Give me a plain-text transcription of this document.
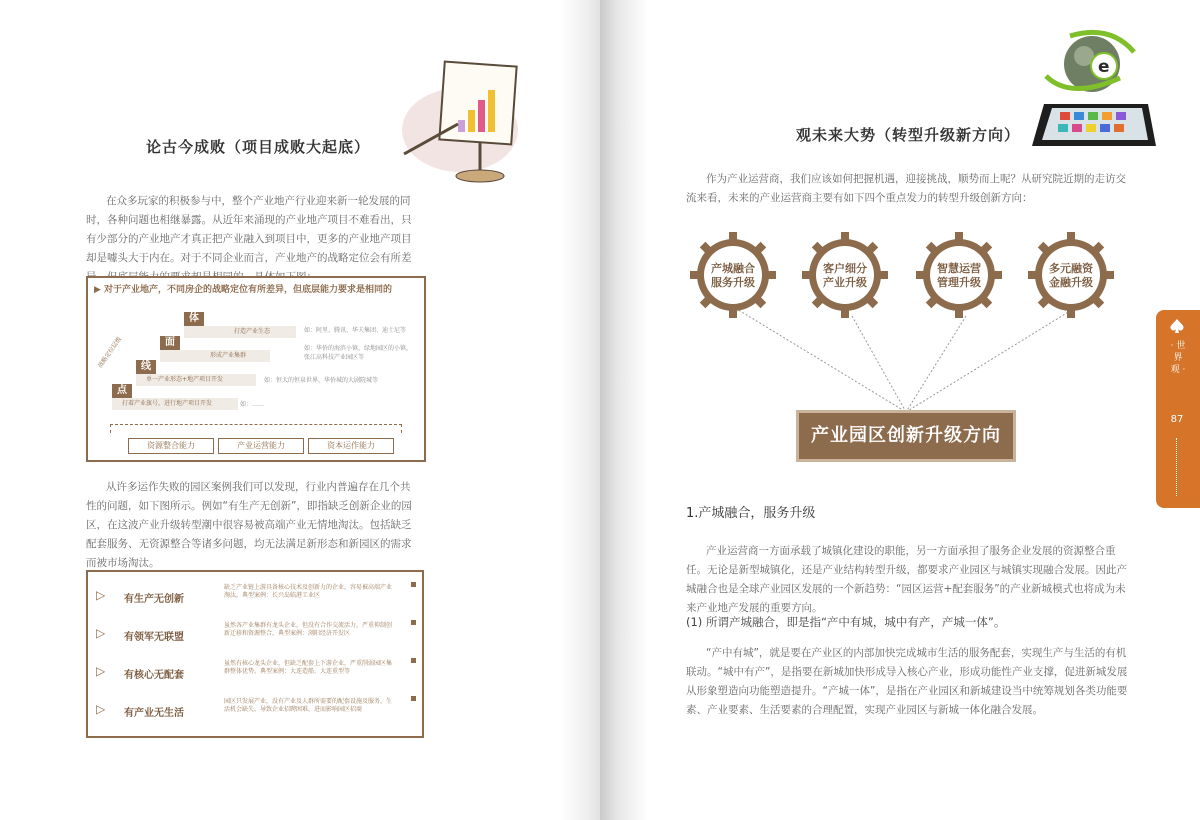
论古今成败（项目成败大起底）

在众多玩家的积极参与中，整个产业地产行业迎来新一轮发展的同时，各种问题也相继暴露。从近年来涌现的产业地产项目不难看出，只有少部分的产业地产才真正把产业融入到项目中，更多的产业地产项目却是噱头大于内在。对于不同企业而言，产业地产的战略定位会有所差

▶ 对于产业地产，不同房企的战略定位有所差异，但底层能力要求是相同的
战略定位层级
体
打造产业生态	如：阿里、腾讯、华夫集团、迪士尼等
面
形成产业集群
如：华侨的海滨小镇、绿地园区的小镇，张江高科技产业园区等
线
单一产业形态+地产项目开发	如：恒大的恒泉世界、华侨城的大剧院城等
点
打着产业旗号，进行地产项目开发	如：……
资源整合能力	产业运营能力	资本运作能力

从许多运作失败的园区案例我们可以发现，行业内普遍存在几个共性的问题，如下图所示。例如“有生产无创新”，即指缺乏创新企业的园区，在这波产业升级转型潮中很容易被高端产业无情地淘汰。包括缺乏配套服务、无资源整合等诸多问题，均无法满足新形态和新园区的需求而被市场淘汰。

▷ 有生产无创新
缺乏产业链上游具备核心技术及创新力的企业，容易被高端产业淘汰。典型案例：长兴岛临港工业区
▷ 有领军无联盟
虽然各产业集群有龙头企业，但没有合作交流活力，严重抑制创新迁移和资源整合，典型案例：浏阳经济开发区
▷ 有核心无配套
虽然有核心龙头企业，但缺乏配套上下游企业，严重削弱园区集群整体优势。典型案例：大连造船、大连重型等
▷ 有产业无生活
园区只发展产业，没有产业及人群所需要的配套设施及服务，生活机会缺失，导致企业招聘困难，进而影响园区招商
e
观未来大势（转型升级新方向）

作为产业运营商，我们应该如何把握机遇，迎接挑战，顺势而上呢？从研究院近期的走访交流来看，未来的产业运营商主要有如下四个重点发力的转型升级创新方向：

产城融合
服务升级
客户细分
产业升级
智慧运营
管理升级
多元融资
金融升级
产业园区创新升级方向
1.产城融合，服务升级

产业运营商一方面承载了城镇化建设的职能，另一方面承担了服务企业发展的资源整合重任。无论是新型城镇化，还是产业结构转型升级，都要求产业园区与城镇实现融合发展。因此产城融合也是全球产业园区发展的一个新趋势：“园区运营+配套服务”的产业新城模式也将成为未来产业地产发展的重要方向。

(1) 所谓产城融合，即是指“产中有城，城中有产，产城一体”。

“产中有城”，就是要在产业区的内部加快完成城市生活的服务配套，实现生产与生活的有机联动。“城中有产”，是指要在新城加快形成导入核心产业，形成功能性产业支撑，促进新城发展从形象塑造向功能塑造提升。“产城一体”，是指在产业园区和新城建设当中统筹规划各类功能要素、产业要素、生活要素的合理配置，实现产业园区与新城一体化融合发展。

· 世 界 观 ·
87
